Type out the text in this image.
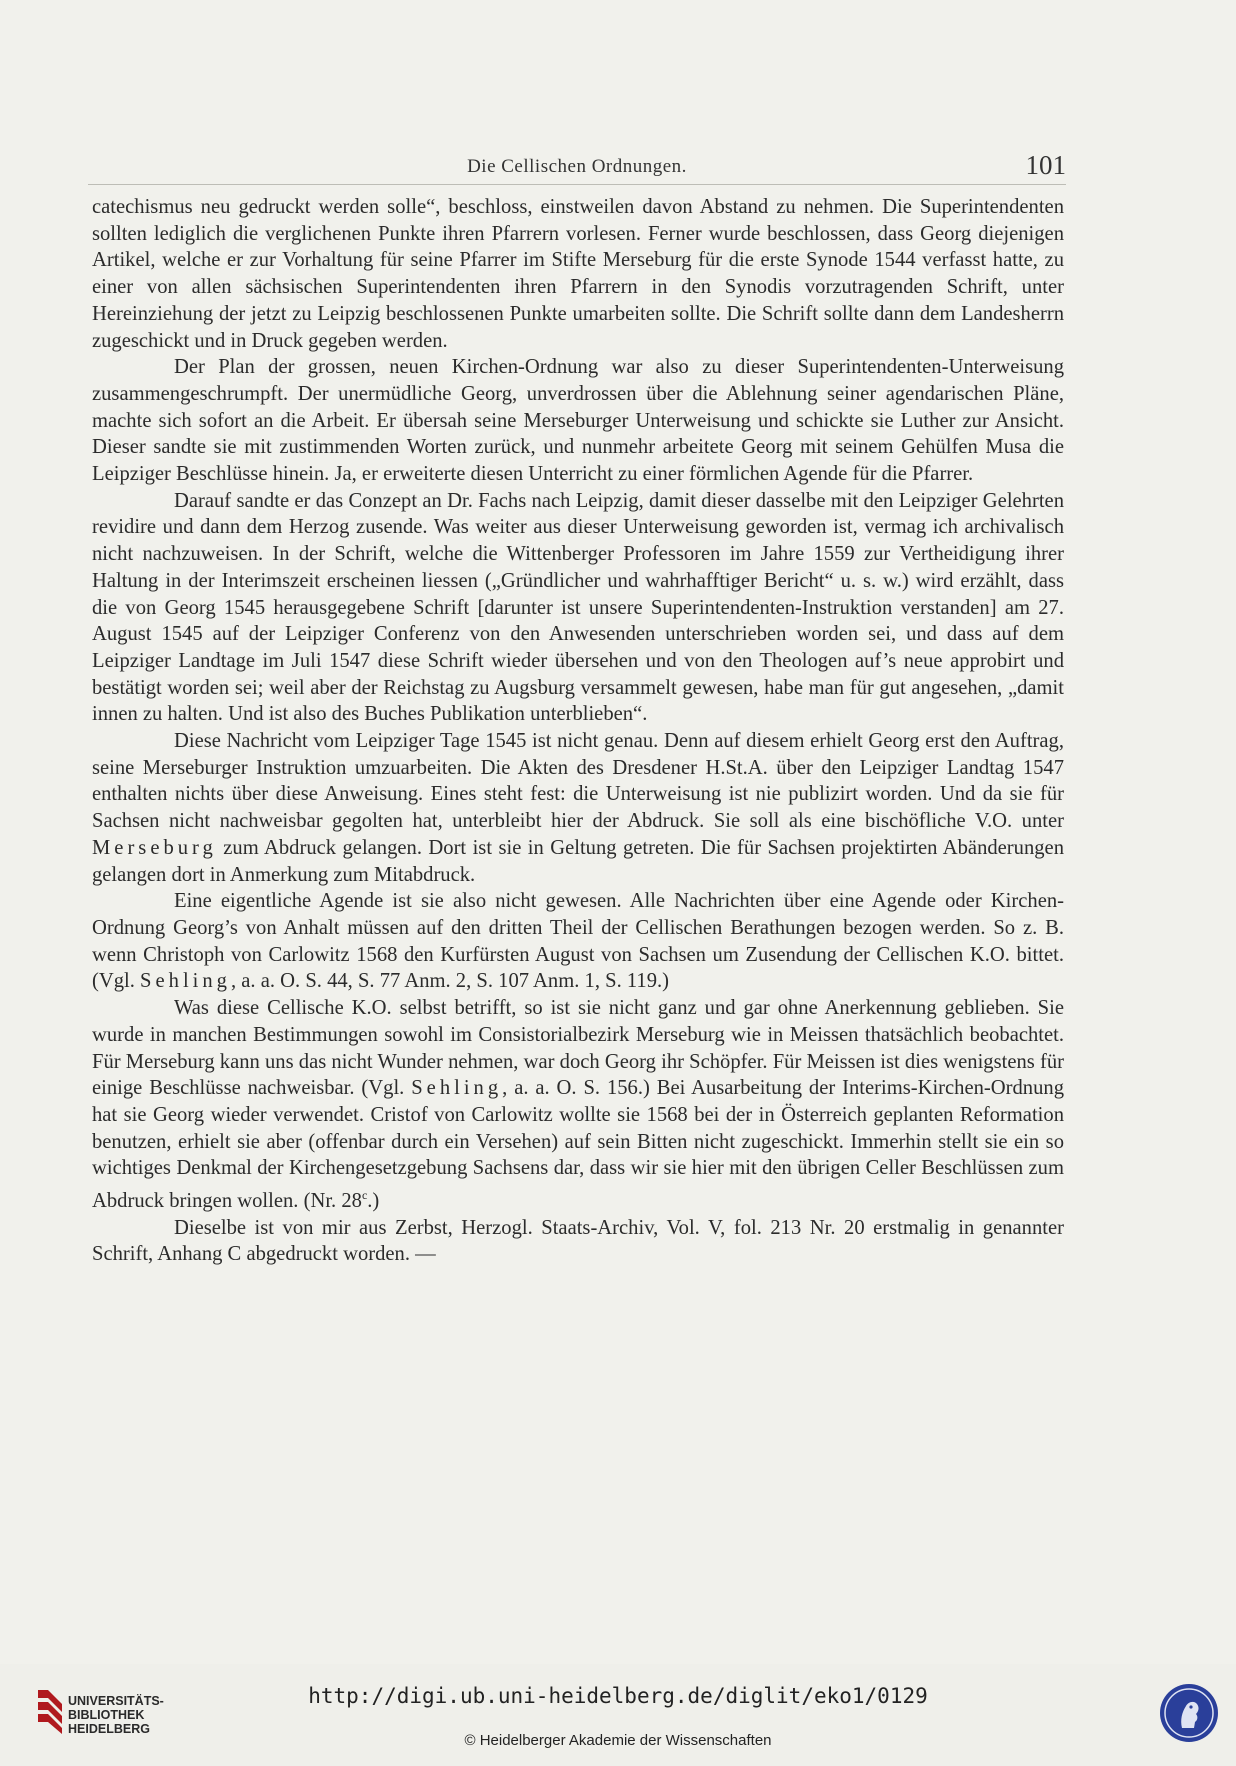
Die Cellischen Ordnungen.	101

catechismus neu gedruckt werden solle“, beschloss, einstweilen davon Abstand zu nehmen. Die Superintendenten sollten lediglich die verglichenen Punkte ihren Pfarrern vorlesen. Ferner wurde beschlossen, dass Georg diejenigen Artikel, welche er zur Vorhaltung für seine Pfarrer im Stifte Merseburg für die erste Synode 1544 verfasst hatte, zu einer von allen sächsischen Superintendenten ihren Pfarrern in den Synodis vorzutragenden Schrift, unter Hereinziehung der jetzt zu Leipzig beschlossenen Punkte umarbeiten sollte. Die Schrift sollte dann dem Landesherrn zugeschickt und in Druck gegeben werden.

Der Plan der grossen, neuen Kirchen-Ordnung war also zu dieser Superintendenten-Unterweisung zusammengeschrumpft. Der unermüdliche Georg, unverdrossen über die Ablehnung seiner agendarischen Pläne, machte sich sofort an die Arbeit. Er übersah seine Merseburger Unterweisung und schickte sie Luther zur Ansicht. Dieser sandte sie mit zustimmenden Worten zurück, und nunmehr arbeitete Georg mit seinem Gehülfen Musa die Leipziger Beschlüsse hinein. Ja, er erweiterte diesen Unterricht zu einer förmlichen Agende für die Pfarrer.

Darauf sandte er das Conzept an Dr. Fachs nach Leipzig, damit dieser dasselbe mit den Leipziger Gelehrten revidire und dann dem Herzog zusende. Was weiter aus dieser Unterweisung geworden ist, vermag ich archivalisch nicht nachzuweisen. In der Schrift, welche die Wittenberger Professoren im Jahre 1559 zur Vertheidigung ihrer Haltung in der Interimszeit erscheinen liessen („Gründlicher und wahrhafftiger Bericht“ u. s. w.) wird erzählt, dass die von Georg 1545 herausgegebene Schrift [darunter ist unsere Superintendenten-Instruktion verstanden] am 27. August 1545 auf der Leipziger Conferenz von den Anwesenden unterschrieben worden sei, und dass auf dem Leipziger Landtage im Juli 1547 diese Schrift wieder übersehen und von den Theologen auf’s neue approbirt und bestätigt worden sei; weil aber der Reichstag zu Augsburg versammelt gewesen, habe man für gut angesehen, „damit innen zu halten. Und ist also des Buches Publikation unterblieben“.

Diese Nachricht vom Leipziger Tage 1545 ist nicht genau. Denn auf diesem erhielt Georg erst den Auftrag, seine Merseburger Instruktion umzuarbeiten. Die Akten des Dresdener H.St.A. über den Leipziger Landtag 1547 enthalten nichts über diese Anweisung. Eines steht fest: die Unterweisung ist nie publizirt worden. Und da sie für Sachsen nicht nachweisbar gegolten hat, unterbleibt hier der Abdruck. Sie soll als eine bischöfliche V.O. unter Merseburg zum Abdruck gelangen. Dort ist sie in Geltung getreten. Die für Sachsen projektirten Abänderungen gelangen dort in Anmerkung zum Mitabdruck.

Eine eigentliche Agende ist sie also nicht gewesen. Alle Nachrichten über eine Agende oder Kirchen-Ordnung Georg’s von Anhalt müssen auf den dritten Theil der Cellischen Berathungen bezogen werden. So z. B. wenn Christoph von Carlowitz 1568 den Kurfürsten August von Sachsen um Zusendung der Cellischen K.O. bittet. (Vgl. Sehling, a. a. O. S. 44, S. 77 Anm. 2, S. 107 Anm. 1, S. 119.)

Was diese Cellische K.O. selbst betrifft, so ist sie nicht ganz und gar ohne Anerkennung geblieben. Sie wurde in manchen Bestimmungen sowohl im Consistorialbezirk Merseburg wie in Meissen thatsächlich beobachtet. Für Merseburg kann uns das nicht Wunder nehmen, war doch Georg ihr Schöpfer. Für Meissen ist dies wenigstens für einige Beschlüsse nachweisbar. (Vgl. Sehling, a. a. O. S. 156.) Bei Ausarbeitung der Interims-Kirchen-Ordnung hat sie Georg wieder verwendet. Cristof von Carlowitz wollte sie 1568 bei der in Österreich geplanten Reformation benutzen, erhielt sie aber (offenbar durch ein Versehen) auf sein Bitten nicht zugeschickt. Immerhin stellt sie ein so wichtiges Denkmal der Kirchengesetzgebung Sachsens dar, dass wir sie hier mit den übrigen Celler Beschlüssen zum Abdruck bringen wollen. (Nr. 28$^c$.)

Dieselbe ist von mir aus Zerbst, Herzogl. Staats-Archiv, Vol. V, fol. 213 Nr. 20 erstmalig in genannter Schrift, Anhang C abgedruckt worden. —

UNIVERSITÄTS-
BIBLIOTHEK
HEIDELBERG
http://digi.ub.uni-heidelberg.de/diglit/eko1/0129
© Heidelberger Akademie der Wissenschaften
